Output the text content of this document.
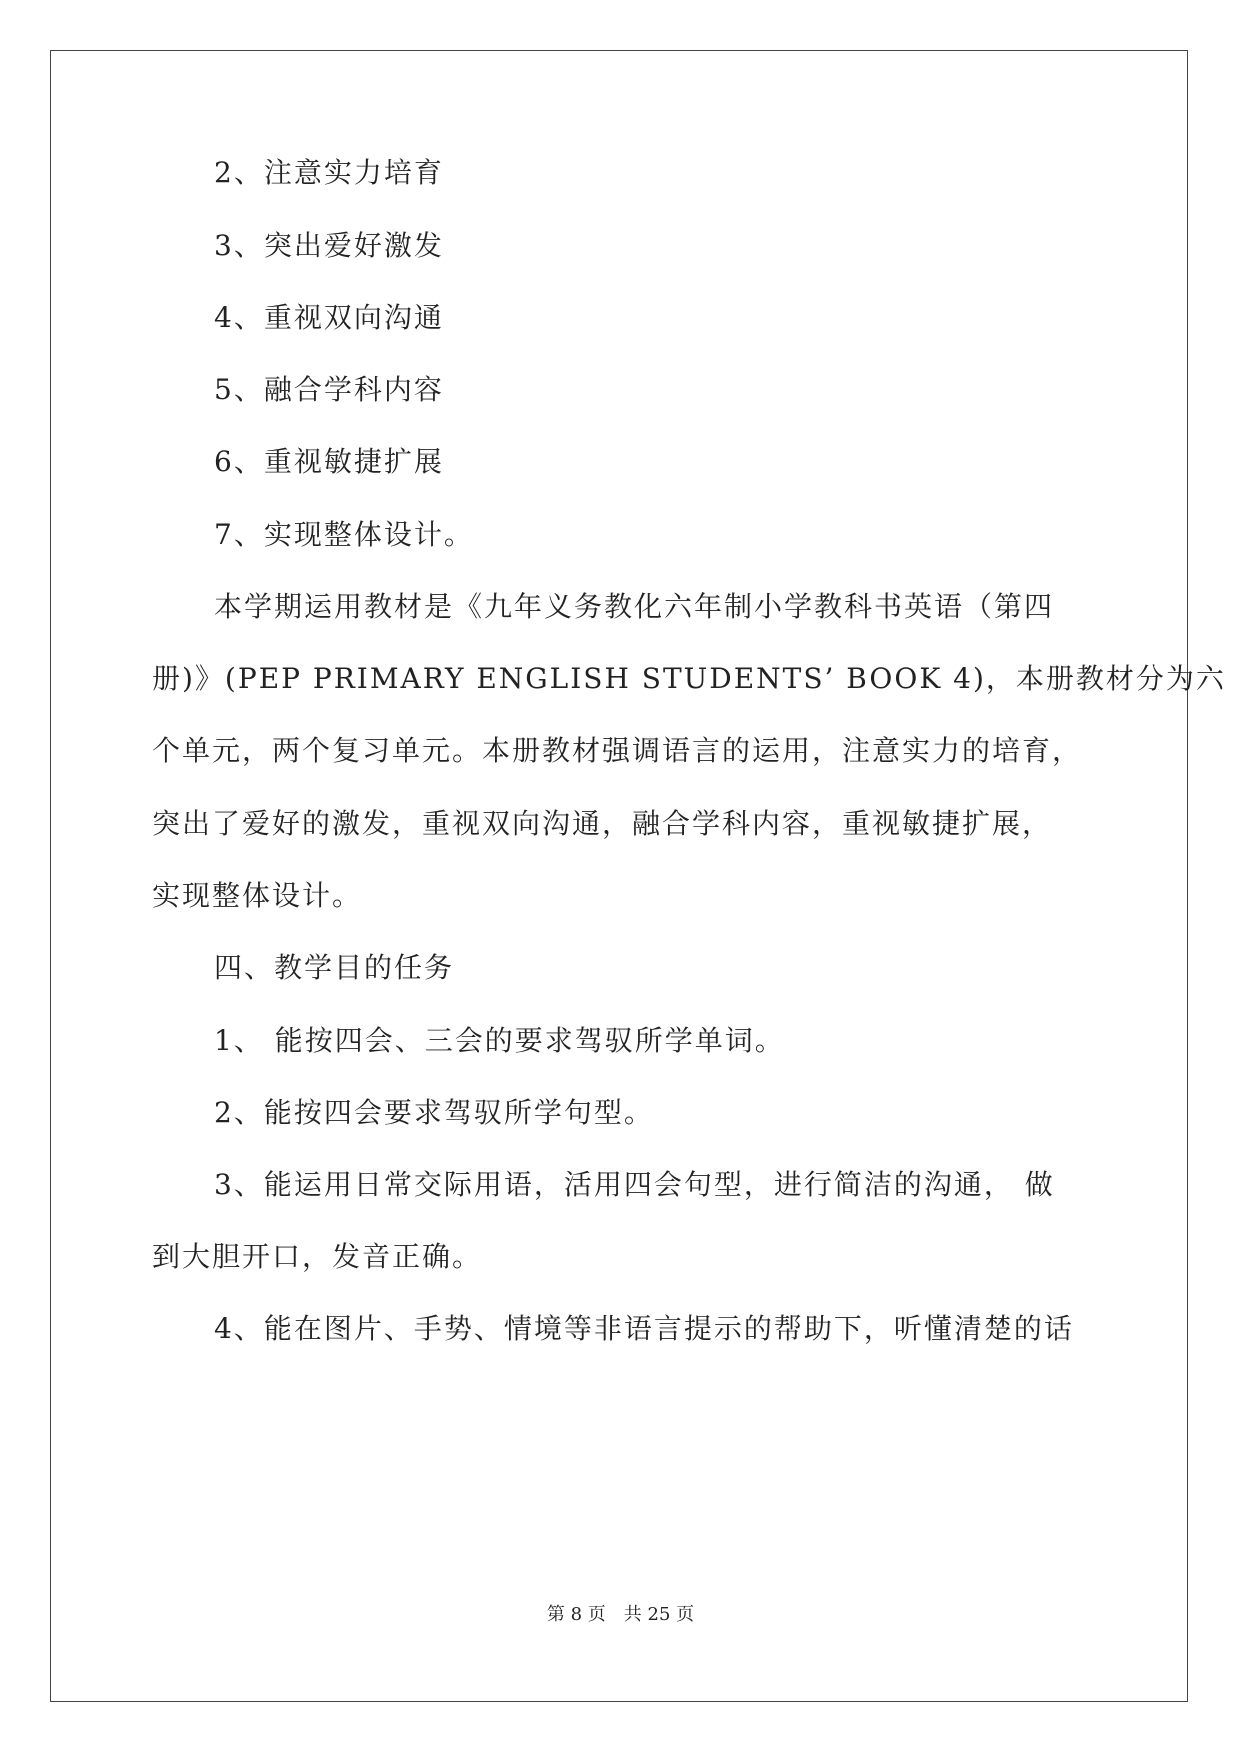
2、注意实力培育
3、突出爱好激发
4、重视双向沟通
5、融合学科内容
6、重视敏捷扩展
7、实现整体设计。
本学期运用教材是《九年义务教化六年制小学教科书英语（第四
册)》(PEP PRIMARY ENGLISH STUDENTS’ BOOK 4)，本册教材分为六
个单元，两个复习单元。本册教材强调语言的运用，注意实力的培育，
突出了爱好的激发，重视双向沟通，融合学科内容，重视敏捷扩展，
实现整体设计。
四、教学目的任务
1、 能按四会、三会的要求驾驭所学单词。
2、能按四会要求驾驭所学句型。
3、能运用日常交际用语，活用四会句型，进行简洁的沟通， 做
到大胆开口，发音正确。
4、能在图片、手势、情境等非语言提示的帮助下，听懂清楚的话
第 8 页　共 25 页
